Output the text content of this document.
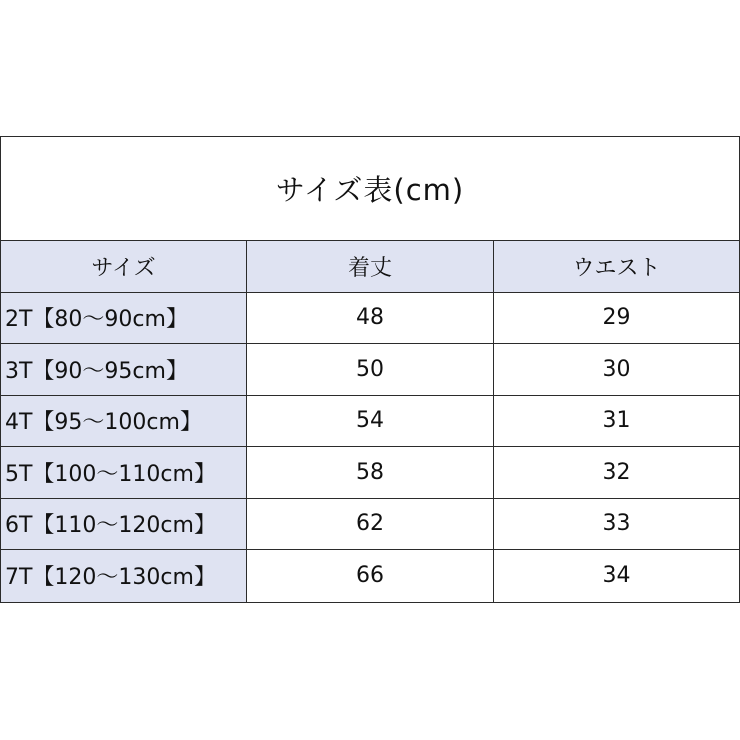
サイズ表(cm)
サイズ	着丈	ウエスト
2T【80～90cm】	48	29
3T【90～95cm】	50	30
4T【95～100cm】	54	31
5T【100～110cm】	58	32
6T【110～120cm】	62	33
7T【120～130cm】	66	34
